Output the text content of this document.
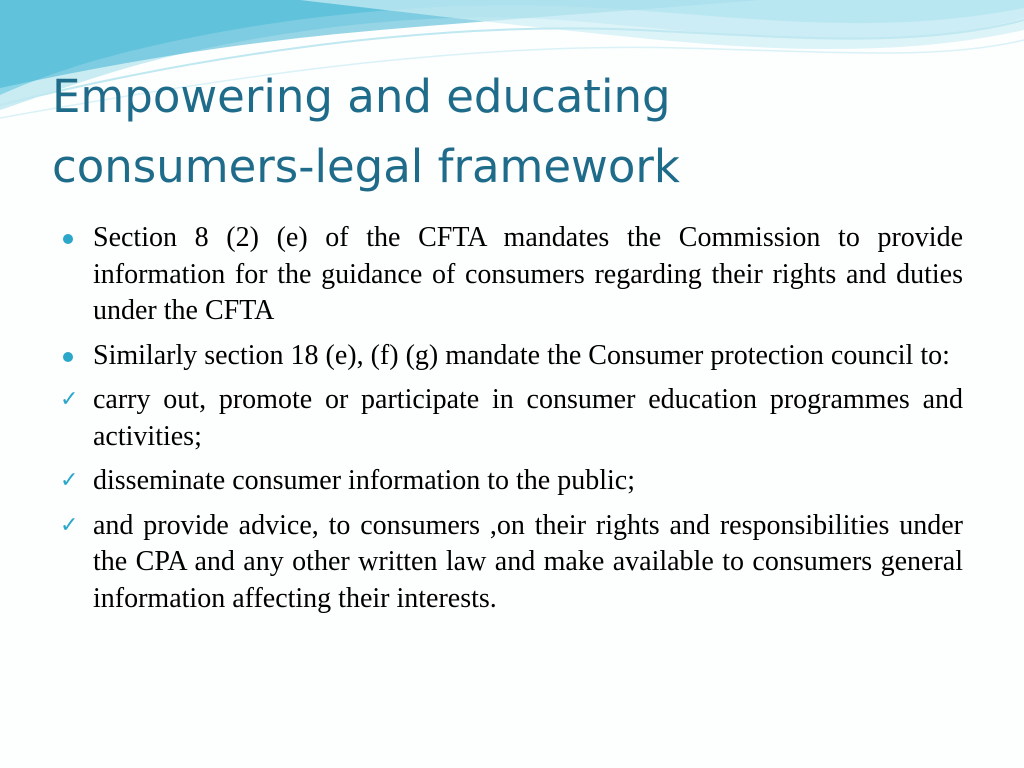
Empowering and educating
consumers-legal framework
Section 8 (2) (e) of the CFTA mandates the Commission to provide information for the guidance of consumers regarding their rights and duties under the CFTA
Similarly section 18 (e), (f) (g) mandate the Consumer protection council to:
✓ carry out, promote or participate in consumer education programmes and activities;
✓ disseminate consumer information to the public;
✓ and provide advice, to consumers ,on their rights and responsibilities under the CPA and any other written law and make available to consumers general information affecting their interests.
